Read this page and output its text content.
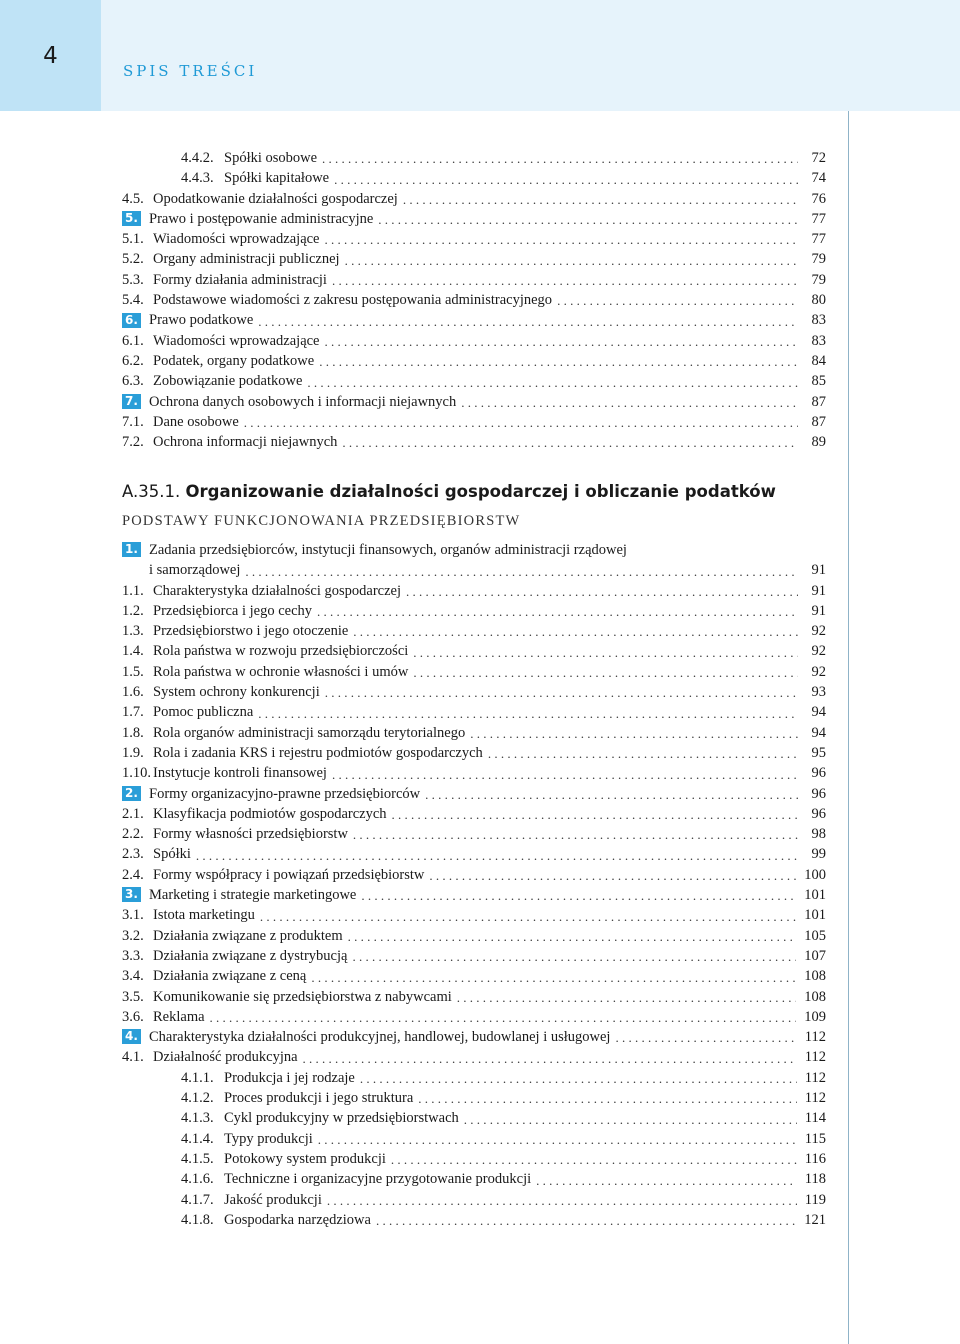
4
SPIS TREŚCI
4.4.2. Spółki osobowe . . .	72
4.4.3. Spółki kapitałowe . . .	74
4.5. Opodatkowanie działalności gospodarczej . . .	76
5. Prawo i postępowanie administracyjne . . .	77
5.1. Wiadomości wprowadzające . . .	77
5.2. Organy administracji publicznej . . .	79
5.3. Formy działania administracji . . .	79
5.4. Podstawowe wiadomości z zakresu postępowania administracyjnego . . .	80
6. Prawo podatkowe . . .	83
6.1. Wiadomości wprowadzające . . .	83
6.2. Podatek, organy podatkowe . . .	84
6.3. Zobowiązanie podatkowe . . .	85
7. Ochrona danych osobowych i informacji niejawnych . . .	87
7.1. Dane osobowe . . .	87
7.2. Ochrona informacji niejawnych . . .	89
A.35.1. Organizowanie działalności gospodarczej i obliczanie podatków
PODSTAWY FUNKCJONOWANIA PRZEDSIĘBIORSTW
1. Zadania przedsiębiorców, instytucji finansowych, organów administracji rządowej
i samorządowej . . .	91
1.1. Charakterystyka działalności gospodarczej . . .	91
1.2. Przedsiębiorca i jego cechy . . .	91
1.3. Przedsiębiorstwo i jego otoczenie . . .	92
1.4. Rola państwa w rozwoju przedsiębiorczości . . .	92
1.5. Rola państwa w ochronie własności i umów . . .	92
1.6. System ochrony konkurencji . . .	93
1.7. Pomoc publiczna . . .	94
1.8. Rola organów administracji samorządu terytorialnego . . .	94
1.9. Rola i zadania KRS i rejestru podmiotów gospodarczych . . .	95
1.10. Instytucje kontroli finansowej . . .	96
2. Formy organizacyjno-prawne przedsiębiorców . . .	96
2.1. Klasyfikacja podmiotów gospodarczych . . .	96
2.2. Formy własności przedsiębiorstw . . .	98
2.3. Spółki . . .	99
2.4. Formy współpracy i powiązań przedsiębiorstw . . .	100
3. Marketing i strategie marketingowe . . .	101
3.1. Istota marketingu . . .	101
3.2. Działania związane z produktem . . .	105
3.3. Działania związane z dystrybucją . . .	107
3.4. Działania związane z ceną . . .	108
3.5. Komunikowanie się przedsiębiorstwa z nabywcami . . .	108
3.6. Reklama . . .	109
4. Charakterystyka działalności produkcyjnej, handlowej, budowlanej i usługowej . . .	112
4.1. Działalność produkcyjna . . .	112
4.1.1. Produkcja i jej rodzaje . . .	112
4.1.2. Proces produkcji i jego struktura . . .	112
4.1.3. Cykl produkcyjny w przedsiębiorstwach . . .	114
4.1.4. Typy produkcji . . .	115
4.1.5. Potokowy system produkcji . . .	116
4.1.6. Techniczne i organizacyjne przygotowanie produkcji . . .	118
4.1.7. Jakość produkcji . . .	119
4.1.8. Gospodarka narzędziowa . . .	121
